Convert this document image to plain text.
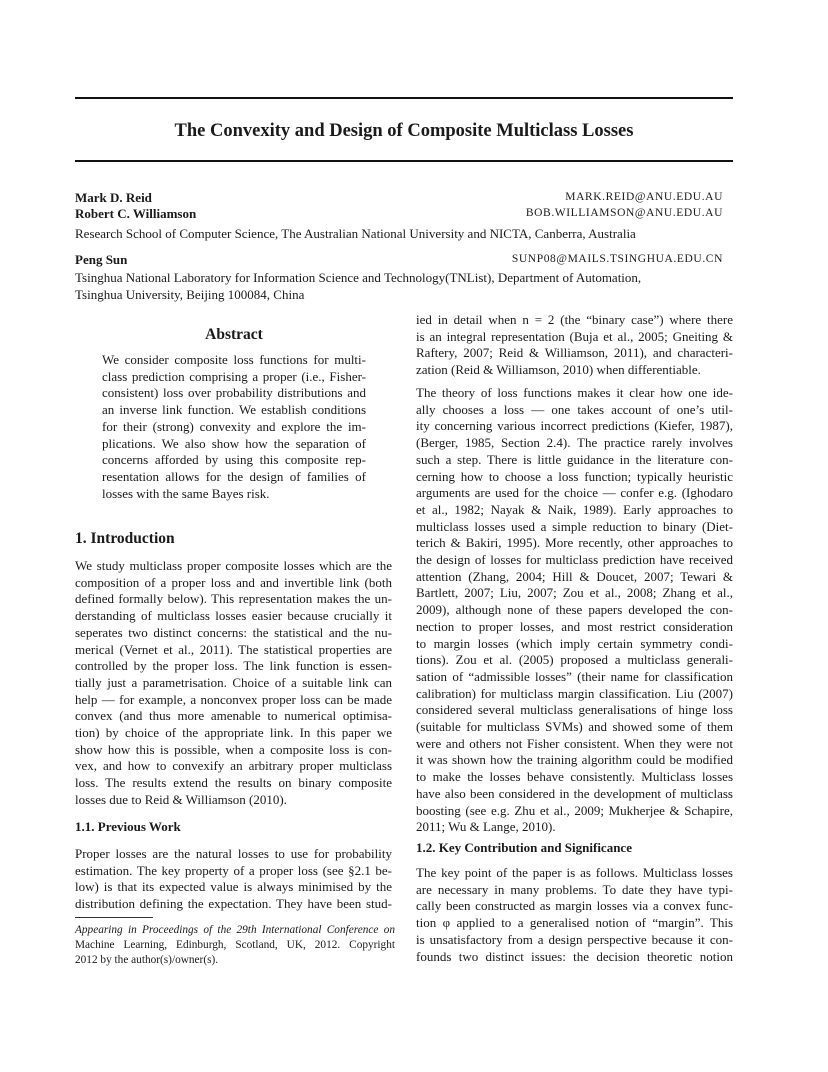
The Convexity and Design of Composite Multiclass Losses
Mark D. Reid	MARK.REID@ANU.EDU.AU
Robert C. Williamson	BOB.WILLIAMSON@ANU.EDU.AU
Research School of Computer Science, The Australian National University and NICTA, Canberra, Australia
Peng Sun	SUNP08@MAILS.TSINGHUA.EDU.CN
Tsinghua National Laboratory for Information Science and Technology(TNList), Department of Automation,
Tsinghua University, Beijing 100084, China
Abstract
We consider composite loss functions for multi-
class prediction comprising a proper (i.e., Fisher-
consistent) loss over probability distributions and
an inverse link function. We establish conditions
for their (strong) convexity and explore the im-
plications. We also show how the separation of
concerns afforded by using this composite rep-
resentation allows for the design of families of
losses with the same Bayes risk.
1. Introduction
We study multiclass proper composite losses which are the
composition of a proper loss and and invertible link (both
defined formally below). This representation makes the un-
derstanding of multiclass losses easier because crucially it
seperates two distinct concerns: the statistical and the nu-
merical (Vernet et al., 2011). The statistical properties are
controlled by the proper loss. The link function is essen-
tially just a parametrisation. Choice of a suitable link can
help — for example, a nonconvex proper loss can be made
convex (and thus more amenable to numerical optimisa-
tion) by choice of the appropriate link. In this paper we
show how this is possible, when a composite loss is con-
vex, and how to convexify an arbitrary proper multiclass
loss. The results extend the results on binary composite
losses due to Reid & Williamson (2010).
1.1. Previous Work
Proper losses are the natural losses to use for probability
estimation. The key property of a proper loss (see §2.1 be-
low) is that its expected value is always minimised by the
distribution defining the expectation. They have been stud-
Appearing in Proceedings of the 29th International Conference on
Machine Learning, Edinburgh, Scotland, UK, 2012. Copyright
2012 by the author(s)/owner(s).
ied in detail when n = 2 (the “binary case”) where there
is an integral representation (Buja et al., 2005; Gneiting &
Raftery, 2007; Reid & Williamson, 2011), and characteri-
zation (Reid & Williamson, 2010) when differentiable.
The theory of loss functions makes it clear how one ide-
ally chooses a loss — one takes account of one’s util-
ity concerning various incorrect predictions (Kiefer, 1987),
(Berger, 1985, Section 2.4). The practice rarely involves
such a step. There is little guidance in the literature con-
cerning how to choose a loss function; typically heuristic
arguments are used for the choice — confer e.g. (Ighodaro
et al., 1982; Nayak & Naik, 1989). Early approaches to
multiclass losses used a simple reduction to binary (Diet-
terich & Bakiri, 1995). More recently, other approaches to
the design of losses for multiclass prediction have received
attention (Zhang, 2004; Hill & Doucet, 2007; Tewari &
Bartlett, 2007; Liu, 2007; Zou et al., 2008; Zhang et al.,
2009), although none of these papers developed the con-
nection to proper losses, and most restrict consideration
to margin losses (which imply certain symmetry condi-
tions). Zou et al. (2005) proposed a multiclass generali-
sation of “admissible losses” (their name for classification
calibration) for multiclass margin classification. Liu (2007)
considered several multiclass generalisations of hinge loss
(suitable for multiclass SVMs) and showed some of them
were and others not Fisher consistent. When they were not
it was shown how the training algorithm could be modified
to make the losses behave consistently. Multiclass losses
have also been considered in the development of multiclass
boosting (see e.g. Zhu et al., 2009; Mukherjee & Schapire,
2011; Wu & Lange, 2010).
1.2. Key Contribution and Significance
The key point of the paper is as follows. Multiclass losses
are necessary in many problems. To date they have typi-
cally been constructed as margin losses via a convex func-
tion φ applied to a generalised notion of “margin”. This
is unsatisfactory from a design perspective because it con-
founds two distinct issues: the decision theoretic notion
